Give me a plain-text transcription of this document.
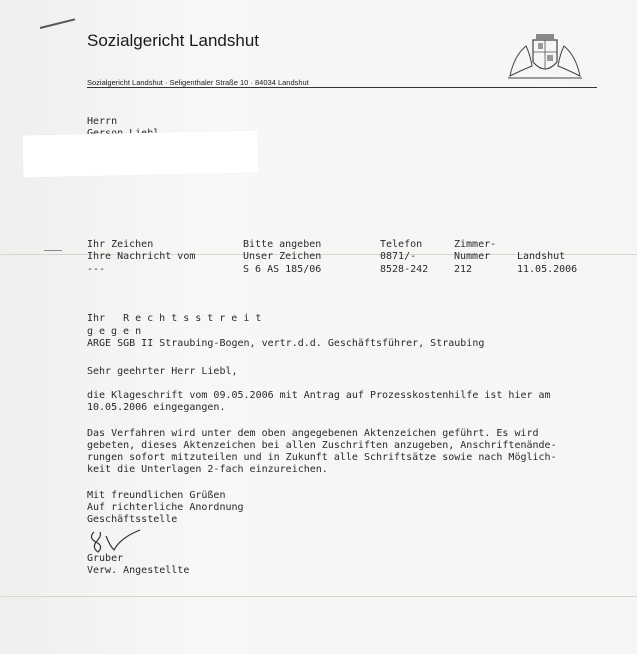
Sozialgericht Landshut
Sozialgericht Landshut · Seligenthaler Straße 10 · 84034 Landshut
Herrn
Ihr Zeichen
Ihre Nachricht vom
---
Bitte angeben
Unser Zeichen
S 6 AS 185/06
Telefon
0871/-
8528-242
Zimmer-
Nummer
212
Landshut
11.05.2006
Ihr Rechtsstreit
gegen
ARGE SGB II Straubing-Bogen, vertr.d.d. Geschäftsführer, Straubing
Sehr geehrter Herr Liebl,
die Klageschrift vom 09.05.2006 mit Antrag auf Prozesskostenhilfe ist hier am
10.05.2006 eingegangen.
Das Verfahren wird unter dem oben angegebenen Aktenzeichen geführt. Es wird
gebeten, dieses Aktenzeichen bei allen Zuschriften anzugeben, Anschriftenände-
rungen sofort mitzuteilen und in Zukunft alle Schriftsätze sowie nach Möglich-
keit die Unterlagen 2-fach einzureichen.
Mit freundlichen Grüßen
Auf richterliche Anordnung
Geschäftsstelle
Gruber
Verw. Angestellte
